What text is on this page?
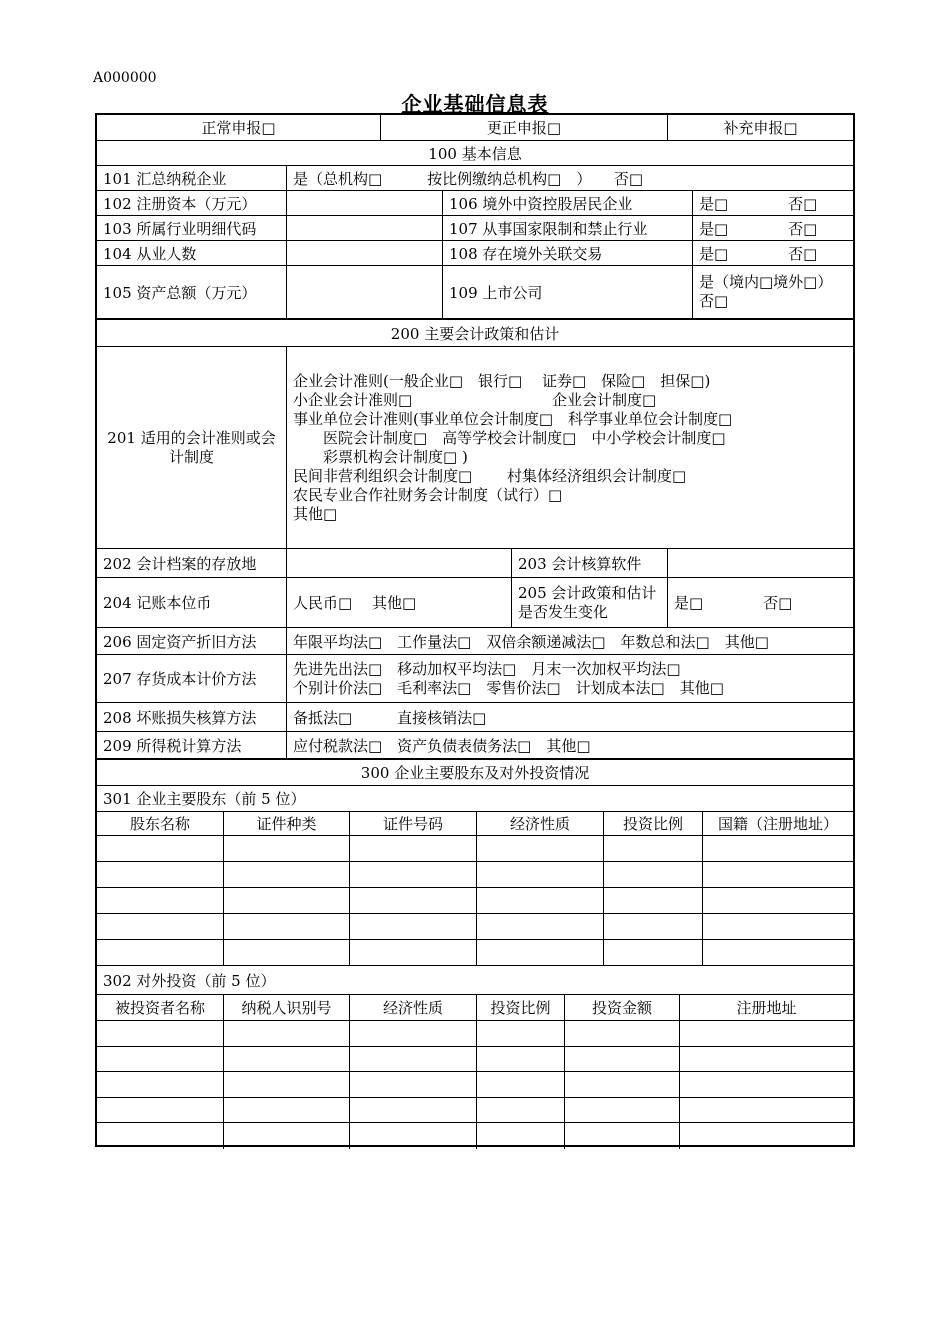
A000000
企业基础信息表
正常申报□	更正申报□	补充申报□
100 基本信息
101 汇总纳税企业	是（总机构□　　　按比例缴纳总机构□　）　　否□
102 注册资本（万元）	106 境外中资控股居民企业	是□　　　　否□
103 所属行业明细代码	107 从事国家限制和禁止行业	是□　　　　否□
104 从业人数	108 存在境外关联交易	是□　　　　否□
105 资产总额（万元）	109 上市公司
是（境内□境外□）　否□
200 主要会计政策和估计
201 适用的会计准则或会计制度
企业会计准则(一般企业□　银行□　 证券□　保险□　担保□)
小企业会计准则□　　　　　　　　　 企业会计制度□
事业单位会计准则(事业单位会计制度□　科学事业单位会计制度□
　　医院会计制度□　高等学校会计制度□　中小学校会计制度□
　　彩票机构会计制度□ )
民间非营利组织会计制度□　　 村集体经济组织会计制度□
农民专业合作社财务会计制度（试行）□
其他□
202 会计档案的存放地	203 会计核算软件
204 记账本位币	人民币□　 其他□
205 会计政策和估计是否发生变化	是□　　　　否□
206 固定资产折旧方法	年限平均法□　工作量法□　双倍余额递减法□　年数总和法□　其他□
207 存货成本计价方法
先进先出法□　移动加权平均法□　月末一次加权平均法□
个别计价法□　毛利率法□　零售价法□　计划成本法□　其他□
208 坏账损失核算方法	备抵法□　　　直接核销法□
209 所得税计算方法	应付税款法□　资产负债表债务法□　其他□
300 企业主要股东及对外投资情况
301 企业主要股东（前 5 位）
股东名称	证件种类	证件号码	经济性质	投资比例	国籍（注册地址）
302 对外投资（前 5 位）
被投资者名称	纳税人识别号	经济性质	投资比例	投资金额	注册地址
